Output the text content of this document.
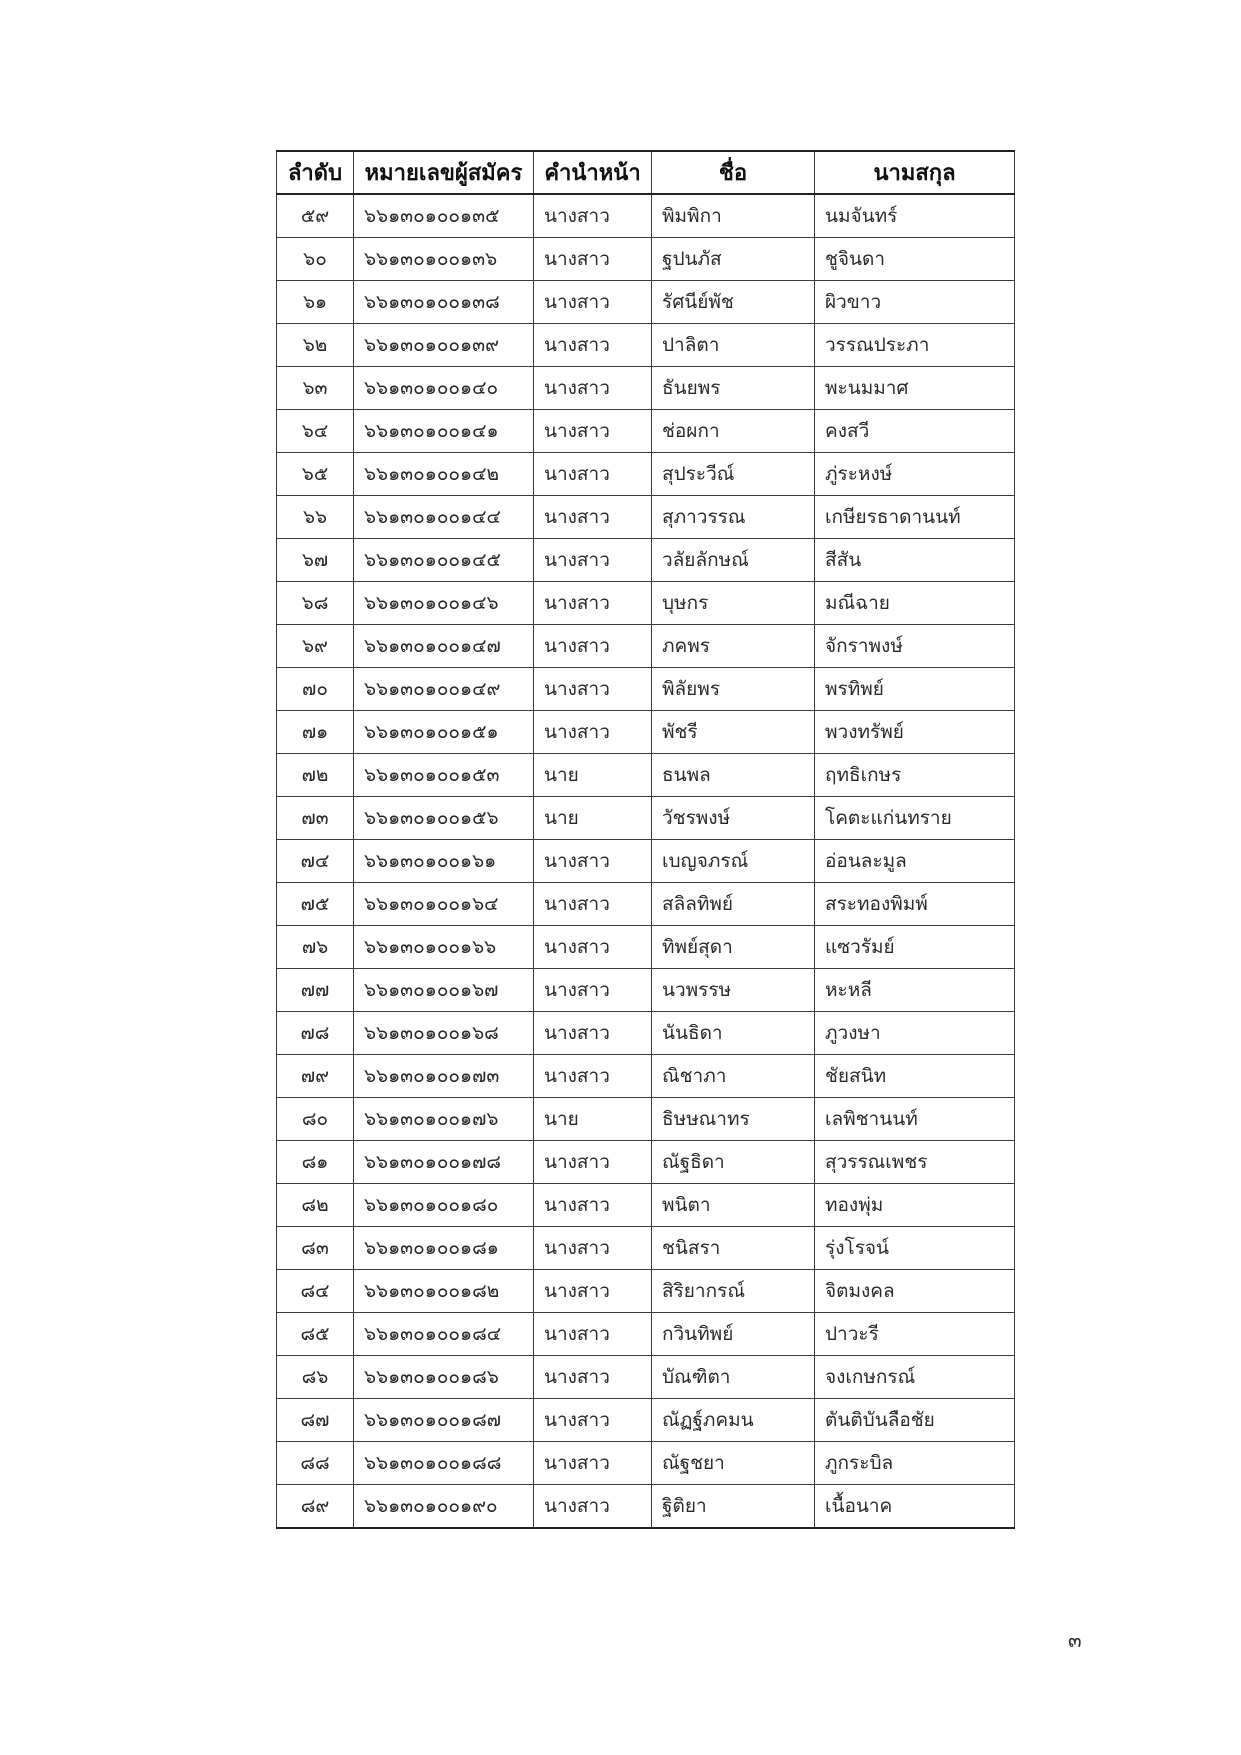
ลำดับ	หมายเลขผู้สมัคร	คำนำหน้า	ชื่อ	นามสกุล
๕๙	๖๖๑๓๐๑๐๐๑๓๕	นางสาว	พิมพิกา	นมจันทร์
๖๐	๖๖๑๓๐๑๐๐๑๓๖	นางสาว	ฐปนภัส	ชูจินดา
๖๑	๖๖๑๓๐๑๐๐๑๓๘	นางสาว	รัศนีย์พัช	ผิวขาว
๖๒	๖๖๑๓๐๑๐๐๑๓๙	นางสาว	ปาลิตา	วรรณประภา
๖๓	๖๖๑๓๐๑๐๐๑๔๐	นางสาว	ธันยพร	พะนมมาศ
๖๔	๖๖๑๓๐๑๐๐๑๔๑	นางสาว	ช่อผกา	คงสวี
๖๕	๖๖๑๓๐๑๐๐๑๔๒	นางสาว	สุประวีณ์	ภู่ระหงษ์
๖๖	๖๖๑๓๐๑๐๐๑๔๔	นางสาว	สุภาวรรณ	เกษียรธาดานนท์
๖๗	๖๖๑๓๐๑๐๐๑๔๕	นางสาว	วลัยลักษณ์	สีสัน
๖๘	๖๖๑๓๐๑๐๐๑๔๖	นางสาว	บุษกร	มณีฉาย
๖๙	๖๖๑๓๐๑๐๐๑๔๗	นางสาว	ภคพร	จักราพงษ์
๗๐	๖๖๑๓๐๑๐๐๑๔๙	นางสาว	พิลัยพร	พรทิพย์
๗๑	๖๖๑๓๐๑๐๐๑๕๑	นางสาว	พัชรี	พวงทรัพย์
๗๒	๖๖๑๓๐๑๐๐๑๕๓	นาย	ธนพล	ฤทธิเกษร
๗๓	๖๖๑๓๐๑๐๐๑๕๖	นาย	วัชรพงษ์	โคตะแก่นทราย
๗๔	๖๖๑๓๐๑๐๐๑๖๑	นางสาว	เบญจภรณ์	อ่อนละมูล
๗๕	๖๖๑๓๐๑๐๐๑๖๔	นางสาว	สลิลทิพย์	สระทองพิมพ์
๗๖	๖๖๑๓๐๑๐๐๑๖๖	นางสาว	ทิพย์สุดา	แซวรัมย์
๗๗	๖๖๑๓๐๑๐๐๑๖๗	นางสาว	นวพรรษ	หะหลี
๗๘	๖๖๑๓๐๑๐๐๑๖๘	นางสาว	นันธิดา	ภูวงษา
๗๙	๖๖๑๓๐๑๐๐๑๗๓	นางสาว	ณิชาภา	ชัยสนิท
๘๐	๖๖๑๓๐๑๐๐๑๗๖	นาย	ธิษษณาทร	เลพิชานนท์
๘๑	๖๖๑๓๐๑๐๐๑๗๘	นางสาว	ณัฐธิดา	สุวรรณเพชร
๘๒	๖๖๑๓๐๑๐๐๑๘๐	นางสาว	พนิตา	ทองพุ่ม
๘๓	๖๖๑๓๐๑๐๐๑๘๑	นางสาว	ชนิสรา	รุ่งโรจน์
๘๔	๖๖๑๓๐๑๐๐๑๘๒	นางสาว	สิริยากรณ์	จิตมงคล
๘๕	๖๖๑๓๐๑๐๐๑๘๔	นางสาว	กวินทิพย์	ปาวะรี
๘๖	๖๖๑๓๐๑๐๐๑๘๖	นางสาว	บัณฑิตา	จงเกษกรณ์
๘๗	๖๖๑๓๐๑๐๐๑๘๗	นางสาว	ณัฏฐ์ภคมน	ตันติบันลือชัย
๘๘	๖๖๑๓๐๑๐๐๑๘๘	นางสาว	ณัฐชยา	ภูกระบิล
๘๙	๖๖๑๓๐๑๐๐๑๙๐	นางสาว	ฐิติยา	เนื้อนาค
๓
